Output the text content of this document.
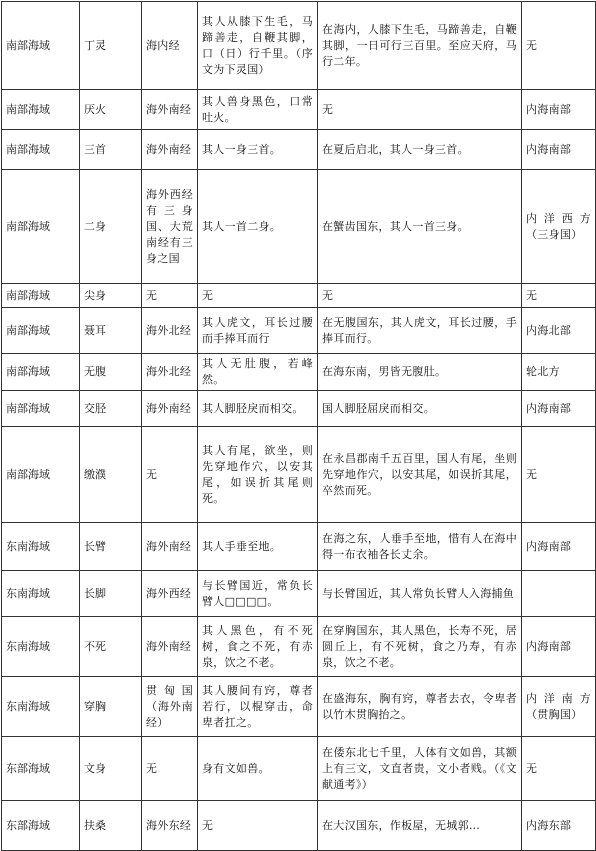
南部海域	丁灵	海内经	其人从膝下生毛，马蹄善走，自鞭其脚，口（日）行千里。（序文为下灵国）	在海内，人膝下生毛，马蹄善走，自鞭其脚，一日可行三百里。至应天府，马行二年。	无
南部海域	厌火	海外南经	其人兽身黑色，口常吐火。	无	内海南部
南部海域	三首	海外南经	其人一身三首。	在夏后启北，其人一身三首。	内海南部
南部海域	二身	海外西经有三身国、大荒南经有三身之国	其人一首二身。	在蟹齿国东，其人一首三身。	内洋西方（三身国）
南部海域	尖身	无	无	无	无
南部海域	聂耳	海外北经	其人虎文，耳长过腰而手捧耳而行	在无腹国东，其人虎文，耳长过腰，手捧耳而行。	内海北部
南部海域	无腹	海外北经	其人无肚腹，若峰然。	在海东南，男皆无腹肚。	轮北方
南部海域	交胫	海外南经	其人脚胫戾而相交。	国人脚胫屈戾而相交。	内海南部
南部海域	缴濮	无	其人有尾，欲坐，则先穿地作穴，以安其尾，如误折其尾则死。	在永昌郡南千五百里，国人有尾，坐则先穿地作穴，以安其尾，如误折其尾，卒然而死。	无
东南海域	长臂	海外南经	其人手垂至地。	在海之东，人垂手至地，惜有人在海中得一布衣袖各长丈余。	内海南部
东南海域	长脚	海外西经	与长臂国近，常负长臂人□□□□。	与长臂国近，其人常负长臂人入海捕鱼	
东南海域	不死	海外南经	其人黑色，有不死树，食之不死，有赤泉，饮之不老。	在穿胸国东，其人黑色，长寿不死，居圆丘上，有不死树，食之乃寿，有赤泉，饮之不老。	内海南部
东南海域	穿胸	贯匈国（海外南经）	其人腰间有窍，尊者若行，以棍穿击，命卑者扛之。	在盛海东，胸有窍，尊者去衣，令卑者以竹木贯胸抬之。	内洋南方（贯胸国）
东部海域	文身	无	身有文如兽。	在倭东北七千里，人体有文如兽，其额上有三文，文直者贵，文小者贱。（《文献通考》）	无
东部海域	扶桑	海外东经	无	在大汉国东，作板屋，无城郭…	内海东部
